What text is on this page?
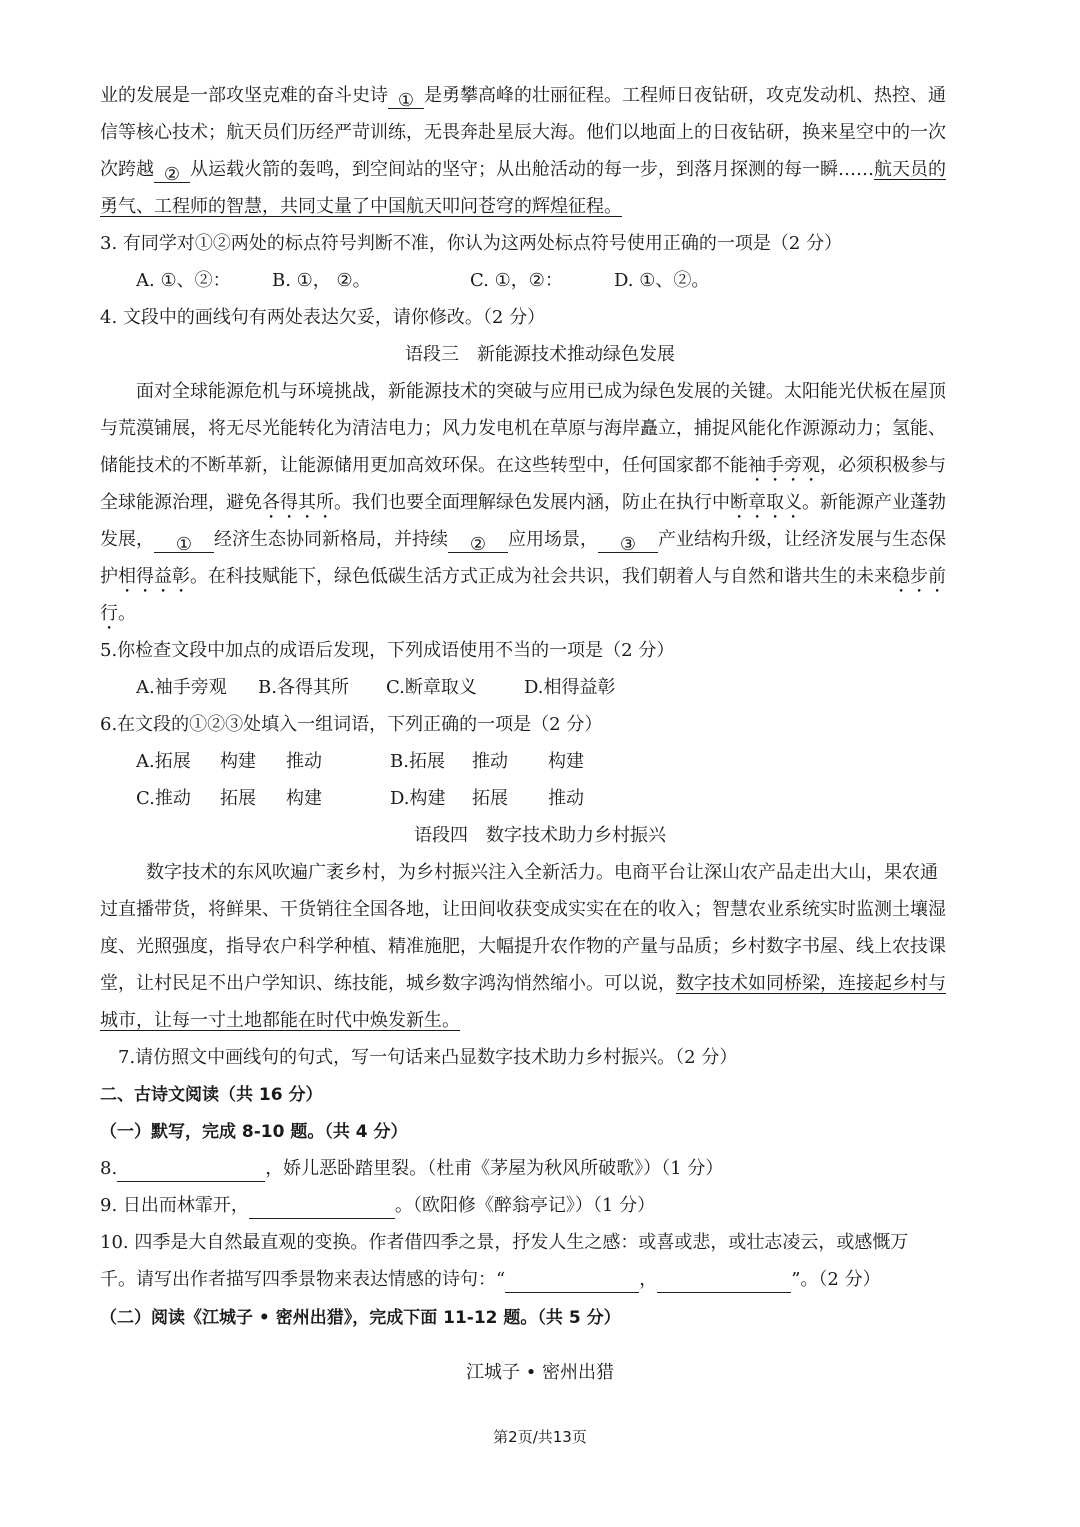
业的发展是一部攻坚克难的奋斗史诗 ① 是勇攀高峰的壮丽征程。工程师日夜钻研，攻克发动机、热控、通
信等核心技术；航天员们历经严苛训练，无畏奔赴星辰大海。他们以地面上的日夜钻研，换来星空中的一次
次跨越 ② 从运载火箭的轰鸣，到空间站的坚守；从出舱活动的每一步，到落月探测的每一瞬……航天员的
勇气、工程师的智慧，共同丈量了中国航天叩问苍穹的辉煌征程。
3. 有同学对①②两处的标点符号判断不准，你认为这两处标点符号使用正确的一项是（2 分）
A. ①、②： B. ①， ②。	C. ①，②：	D. ①、②。
4. 文段中的画线句有两处表达欠妥，请你修改。（2 分）
语段三　新能源技术推动绿色发展
面对全球能源危机与环境挑战，新能源技术的突破与应用已成为绿色发展的关键。太阳能光伏板在屋顶
与荒漠铺展，将无尽光能转化为清洁电力；风力发电机在草原与海岸矗立，捕捉风能化作源源动力；氢能、
储能技术的不断革新，让能源储用更加高效环保。在这些转型中，任何国家都不能袖手旁观，必须积极参与
全球能源治理，避免各得其所。我们也要全面理解绿色发展内涵，防止在执行中断章取义。新能源产业蓬勃
发展， ① 经济生态协同新格局，并持续 ② 应用场景， ③ 产业结构升级，让经济发展与生态保
护相得益彰。在科技赋能下，绿色低碳生活方式正成为社会共识，我们朝着人与自然和谐共生的未来稳步前
行。
5.你检查文段中加点的成语后发现，下列成语使用不当的一项是（2 分）
A.袖手旁观 B.各得其所 C.断章取义	D.相得益彰
6.在文段的①②③处填入一组词语，下列正确的一项是（2 分）
A.拓展 构建 推动	B.拓展 推动 构建
C.推动 拓展 构建	D.构建 拓展 推动
语段四　数字技术助力乡村振兴
数字技术的东风吹遍广袤乡村，为乡村振兴注入全新活力。电商平台让深山农产品走出大山，果农通
过直播带货，将鲜果、干货销往全国各地，让田间收获变成实实在在的收入；智慧农业系统实时监测土壤湿
度、光照强度，指导农户科学种植、精准施肥，大幅提升农作物的产量与品质；乡村数字书屋、线上农技课
堂，让村民足不出户学知识、练技能，城乡数字鸿沟悄然缩小。可以说，数字技术如同桥梁，连接起乡村与
城市，让每一寸土地都能在时代中焕发新生。
7.请仿照文中画线句的句式，写一句话来凸显数字技术助力乡村振兴。（2 分）
二、古诗文阅读（共 16 分）
（一）默写，完成 8-10 题。（共 4 分）
8.	，娇儿恶卧踏里裂。（杜甫《茅屋为秋风所破歌》）（1 分）
9. 日出而林霏开，	。（欧阳修《醉翁亭记》）（1 分）
10. 四季是大自然最直观的变换。作者借四季之景，抒发人生之感：或喜或悲，或壮志凌云，或感慨万
千。请写出作者描写四季景物来表达情感的诗句：“	，	”。（2 分）
（二）阅读《江城子 • 密州出猎》，完成下面 11-12 题。（共 5 分）
江城子 • 密州出猎
第2页/共13页
